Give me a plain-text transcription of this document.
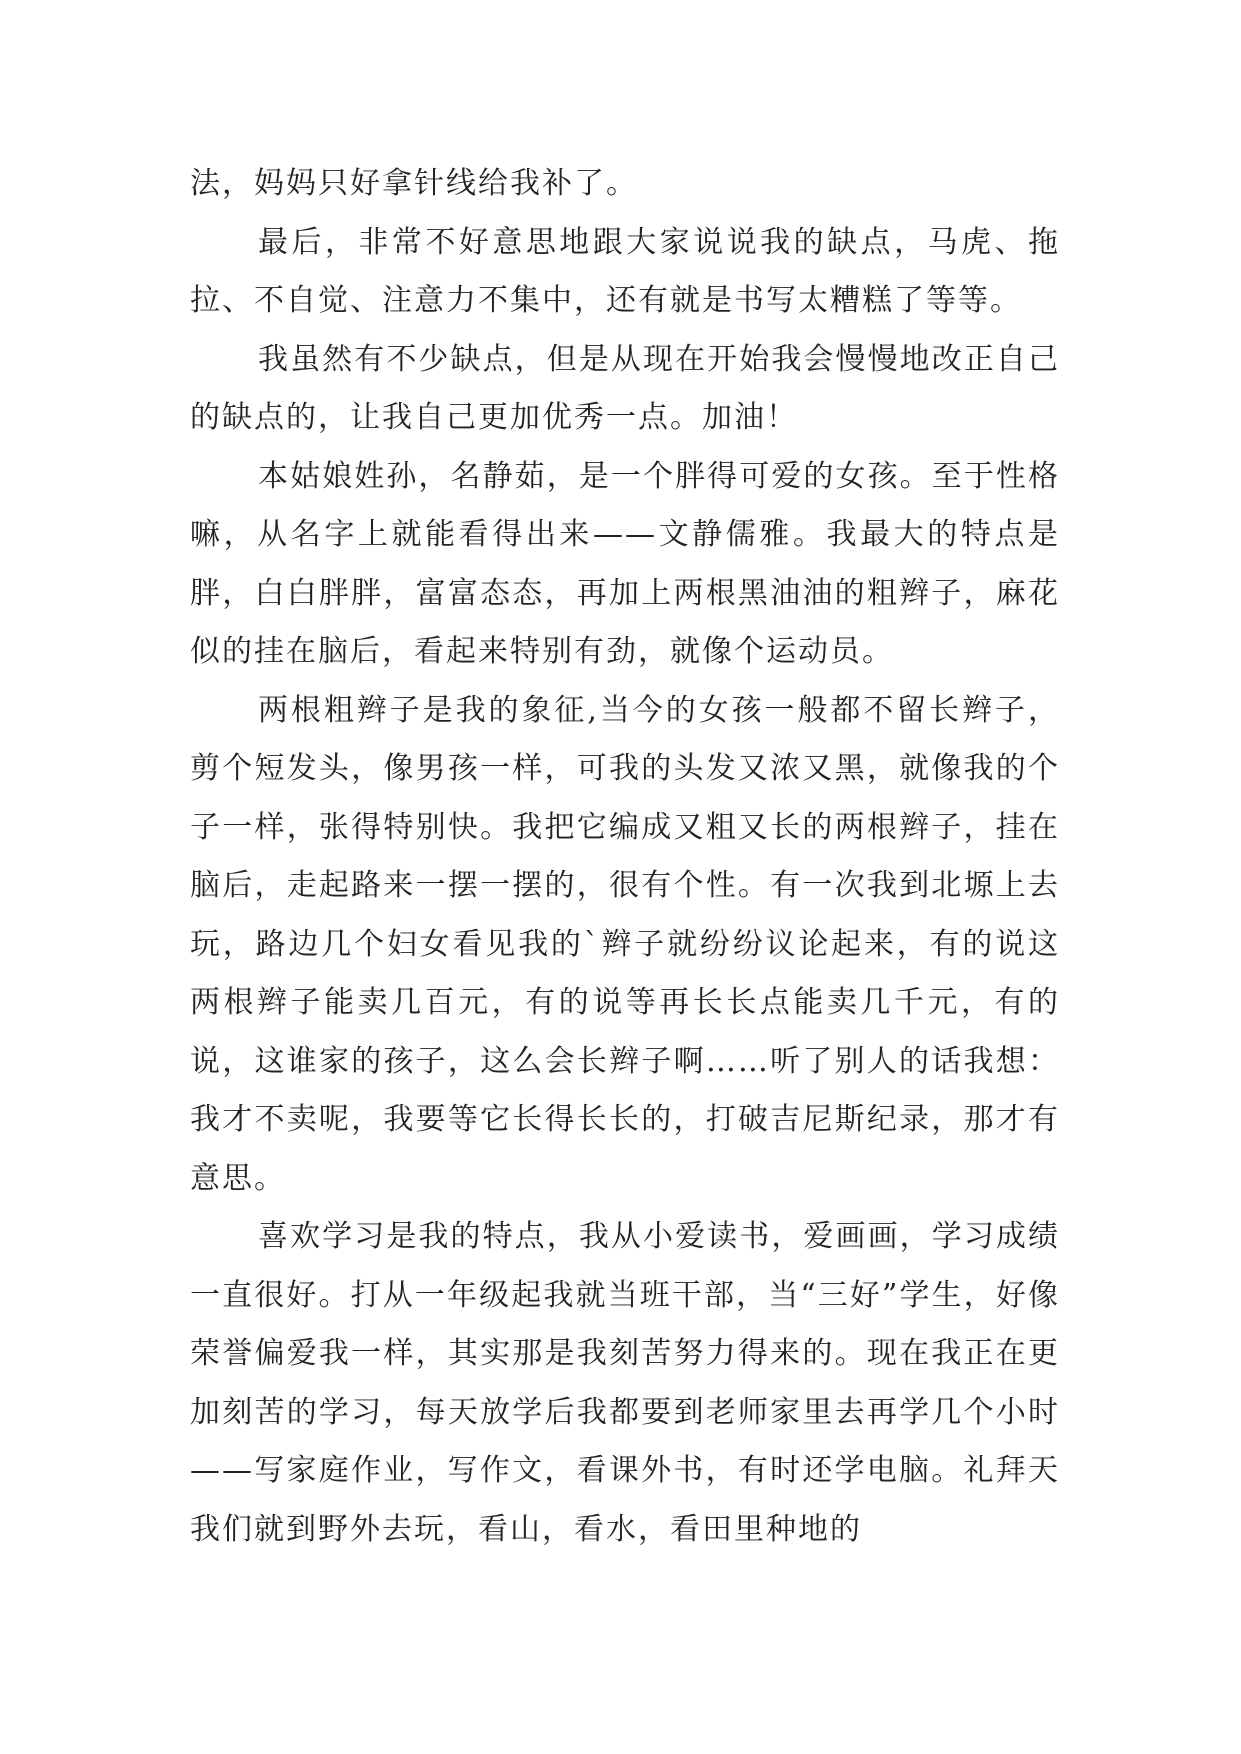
法，妈妈只好拿针线给我补了。

最后，非常不好意思地跟大家说说我的缺点，马虎、拖拉、不自觉、注意力不集中，还有就是书写太糟糕了等等。

我虽然有不少缺点，但是从现在开始我会慢慢地改正自己的缺点的，让我自己更加优秀一点。加油！

本姑娘姓孙，名静茹，是一个胖得可爱的女孩。至于性格嘛，从名字上就能看得出来——文静儒雅。我最大的特点是胖，白白胖胖，富富态态，再加上两根黑油油的粗辫子，麻花似的挂在脑后，看起来特别有劲，就像个运动员。

两根粗辫子是我的象征,当今的女孩一般都不留长辫子，剪个短发头，像男孩一样，可我的头发又浓又黑，就像我的个子一样，张得特别快。我把它编成又粗又长的两根辫子，挂在脑后，走起路来一摆一摆的，很有个性。有一次我到北塬上去玩，路边几个妇女看见我的`辫子就纷纷议论起来，有的说这两根辫子能卖几百元，有的说等再长长点能卖几千元，有的说，这谁家的孩子，这么会长辫子啊……听了别人的话我想：我才不卖呢，我要等它长得长长的，打破吉尼斯纪录，那才有意思。

喜欢学习是我的特点，我从小爱读书，爱画画，学习成绩一直很好。打从一年级起我就当班干部，当“三好”学生，好像荣誉偏爱我一样，其实那是我刻苦努力得来的。现在我正在更加刻苦的学习，每天放学后我都要到老师家里去再学几个小时——写家庭作业，写作文，看课外书，有时还学电脑。礼拜天我们就到野外去玩，看山，看水，看田里种地的
